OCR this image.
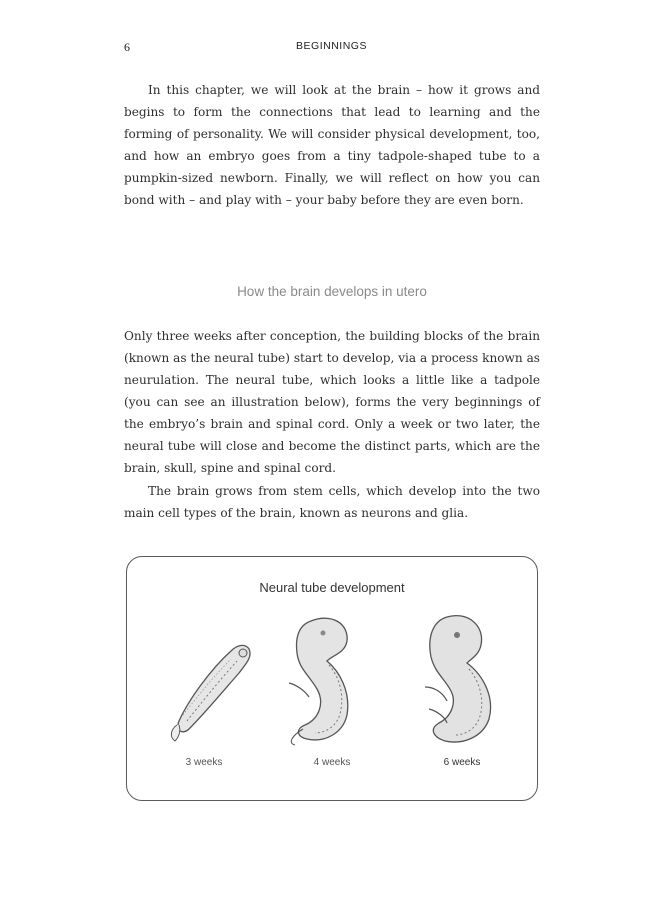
6	BEGINNINGS

In this chapter, we will look at the brain – how it grows and begins to form the connections that lead to learning and the forming of personality. We will consider physical development, too, and how an embryo goes from a tiny tadpole-shaped tube to a pumpkin-sized newborn. Finally, we will reflect on how you can bond with – and play with – your baby before they are even born.

How the brain develops in utero

Only three weeks after conception, the building blocks of the brain (known as the neural tube) start to develop, via a process known as neurulation. The neural tube, which looks a little like a tadpole (you can see an illustration below), forms the very beginnings of the embryo’s brain and spinal cord. Only a week or two later, the neural tube will close and become the distinct parts, which are the brain, skull, spine and spinal cord.

The brain grows from stem cells, which develop into the two main cell types of the brain, known as neurons and glia.

Neural tube development
3 weeks	4 weeks	6 weeks
